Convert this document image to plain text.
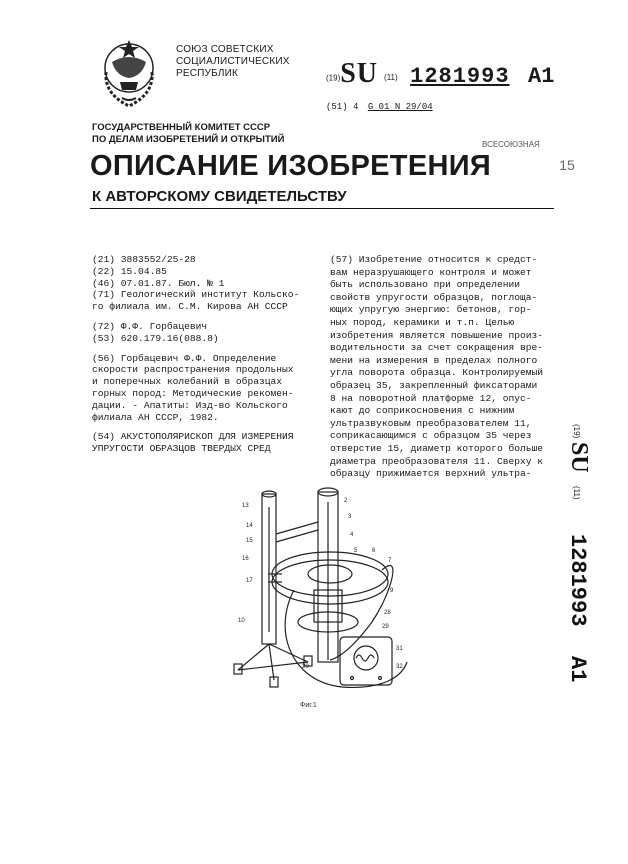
СОЮЗ СОВЕТСКИХ
СОЦИАЛИСТИЧЕСКИХ
РЕСПУБЛИК	(19)SU (11) 1281993 A1
(51) 4 G 01 N 29/04
ГОСУДАРСТВЕННЫЙ КОМИТЕТ СССР
ПО ДЕЛАМ ИЗОБРЕТЕНИЙ И ОТКРЫТИЙ	ВСЕСОЮЗНАЯ
15
ОПИСАНИЕ ИЗОБРЕТЕНИЯ
К АВТОРСКОМУ СВИДЕТЕЛЬСТВУ
(21) 3883552/25-28
(22) 15.04.85
(46) 07.01.87. Бюл. № 1
(71) Геологический институт Кольско-
го филиала им. С.М. Кирова АН СССР
(72) Ф.Ф. Горбацевич
(53) 620.179.16(088.8)
(56) Горбацевич Ф.Ф. Определение
скорости распространения продольных
и поперечных колебаний в образцах
горных пород: Методические рекомен-
дации. - Апатиты: Изд-во Кольского
филиала АН СССР, 1982.
(54) АКУСТОПОЛЯРИСКОП ДЛЯ ИЗМЕРЕНИЯ
УПРУГОСТИ ОБРАЗЦОВ ТВЕРДЫХ СРЕД
(57) Изобретение относится к средст-
вам неразрушающего контроля и может
быть использовано при определении
свойств упругости образцов, поглоща-
ющих упругую энергию: бетонов, гор-
ных пород, керамики и т.п. Целью
изобретения является повышение произ-
водительности за счет сокращения вре-
мени на измерения в пределах полного
угла поворота образца. Контролируемый
образец 35, закрепленный фиксаторами
8 на поворотной платформе 12, опус-
кают до соприкосновения с нижним
ультразвуковым преобразователем 11,
соприкасающимся с образцом 35 через
отверстие 15, диаметр которого больше
диаметра преобразователя 11. Сверху к
образцу прижимается верхний ультра-
(19)
SU
(11)
1281993
A1
13
14
15
16
17
10
2
3
4
5 6
7
9
28
29
31
32
20
Фиг.1
